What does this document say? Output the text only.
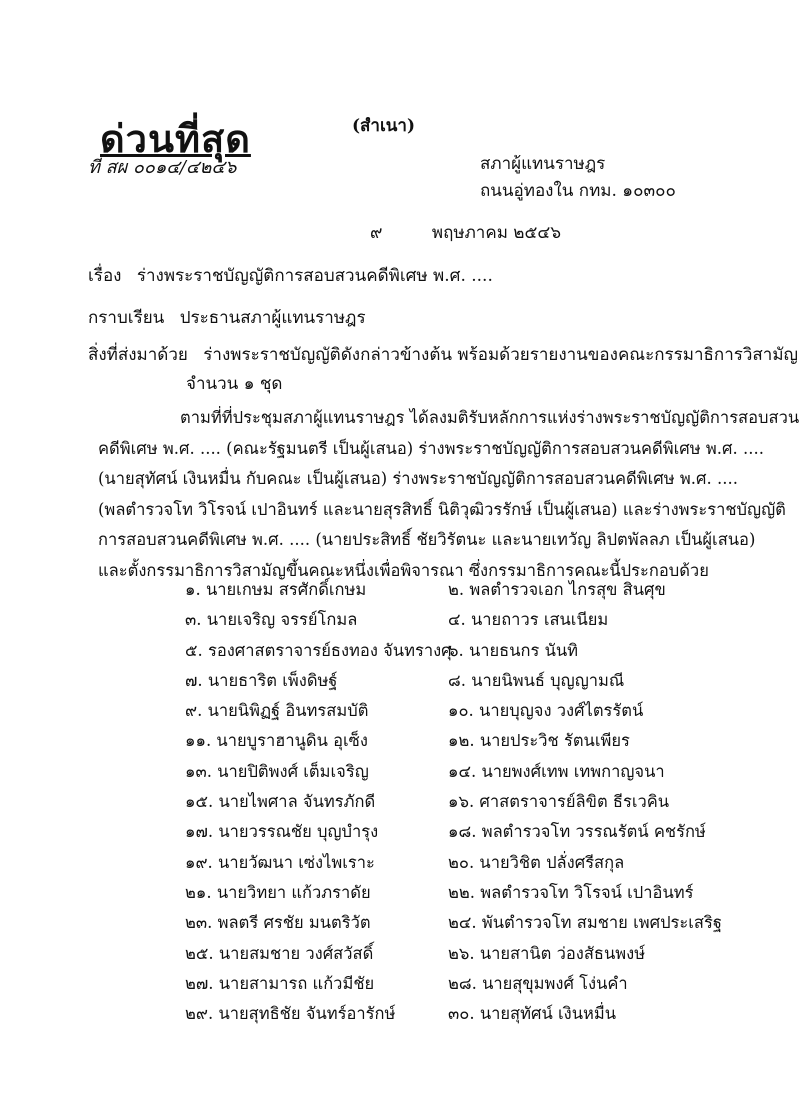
ด่วนที่สุด
ที่ สผ ๐๐๑๔/๔๒๔๖
(สำเนา)
สภาผู้แทนราษฎร
ถนนอู่ทองใน กทม. ๑๐๓๐๐
๙	พฤษภาคม ๒๕๔๖
เรื่อง ร่างพระราชบัญญัติการสอบสวนคดีพิเศษ พ.ศ. ....
กราบเรียน ประธานสภาผู้แทนราษฎร
สิ่งที่ส่งมาด้วย ร่างพระราชบัญญัติดังกล่าวข้างต้น พร้อมด้วยรายงานของคณะกรรมาธิการวิสามัญ
จำนวน ๑ ชุด

ตามที่ที่ประชุมสภาผู้แทนราษฎร ได้ลงมติรับหลักการแห่งร่างพระราชบัญญัติการสอบสวน

คดีพิเศษ พ.ศ. .... (คณะรัฐมนตรี เป็นผู้เสนอ) ร่างพระราชบัญญัติการสอบสวนคดีพิเศษ พ.ศ. ....

(นายสุทัศน์ เงินหมื่น กับคณะ เป็นผู้เสนอ) ร่างพระราชบัญญัติการสอบสวนคดีพิเศษ พ.ศ. ....

(พลตำรวจโท วิโรจน์ เปาอินทร์ และนายสุรสิทธิ์ นิติวุฒิวรรักษ์ เป็นผู้เสนอ) และร่างพระราชบัญญัติ

การสอบสวนคดีพิเศษ พ.ศ. .... (นายประสิทธิ์ ชัยวิรัตนะ และนายเทวัญ ลิปตพัลลภ เป็นผู้เสนอ)

และตั้งกรรมาธิการวิสามัญขึ้นคณะหนึ่งเพื่อพิจารณา ซึ่งกรรมาธิการคณะนี้ประกอบด้วย

๑. นายเกษม สรศักดิ์เกษม
๓. นายเจริญ จรรย์โกมล
๕. รองศาสตราจารย์ธงทอง จันทรางศุ
๗. นายธาริต เพ็งดิษฐ์
๙. นายนิพิฏฐ์ อินทรสมบัติ
๑๑. นายบูราฮานูดิน อุเซ็ง
๑๓. นายปิติพงศ์ เต็มเจริญ
๑๕. นายไพศาล จันทรภักดี
๑๗. นายวรรณชัย บุญบำรุง
๑๙. นายวัฒนา เซ่งไพเราะ
๒๑. นายวิทยา แก้วภราดัย
๒๓. พลตรี ศรชัย มนตริวัต
๒๕. นายสมชาย วงศ์สวัสดิ์
๒๗. นายสามารถ แก้วมีชัย
๒๙. นายสุทธิชัย จันทร์อารักษ์
๒. พลตำรวจเอก ไกรสุข สินศุข
๔. นายถาวร เสนเนียม
๖. นายธนกร นันทิ
๘. นายนิพนธ์ บุญญามณี
๑๐. นายบุญจง วงศ์ไตรรัตน์
๑๒. นายประวิช รัตนเพียร
๑๔. นายพงศ์เทพ เทพกาญจนา
๑๖. ศาสตราจารย์ลิขิต ธีรเวคิน
๑๘. พลตำรวจโท วรรณรัตน์ คชรักษ์
๒๐. นายวิชิต ปลั่งศรีสกุล
๒๒. พลตำรวจโท วิโรจน์ เปาอินทร์
๒๔. พันตำรวจโท สมชาย เพศประเสริฐ
๒๖. นายสานิต ว่องสัธนพงษ์
๒๘. นายสุขุมพงศ์ โง่นคำ
๓๐. นายสุทัศน์ เงินหมื่น
